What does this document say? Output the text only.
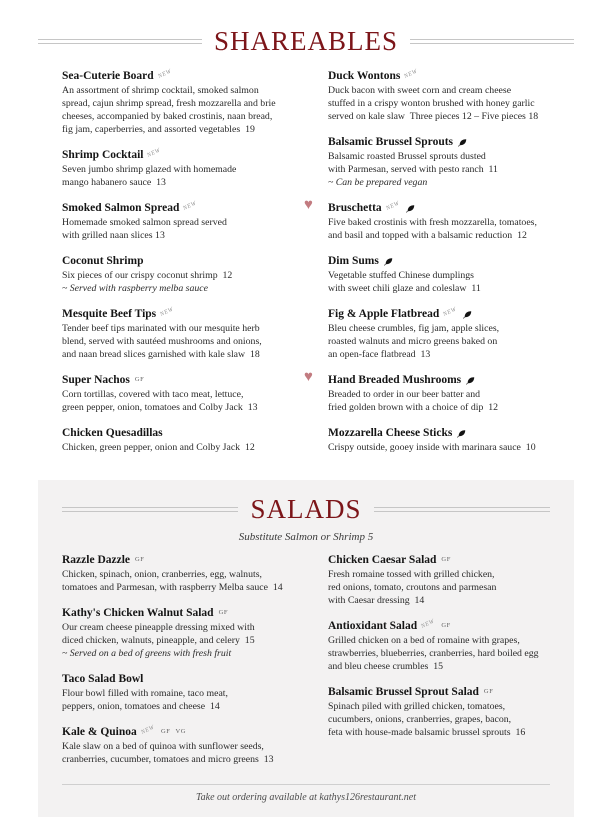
SHAREABLES
Sea-Cuterie Board NEW
An assortment of shrimp cocktail, smoked salmon
spread, cajun shrimp spread, fresh mozzarella and brie
cheeses, accompanied by baked crostinis, naan bread,
fig jam, caperberries, and assorted vegetables  19
Shrimp Cocktail NEW
Seven jumbo shrimp glazed with homemade
mango habanero sauce  13
Smoked Salmon Spread NEW
Homemade smoked salmon spread served
with grilled naan slices 13
Coconut Shrimp
Six pieces of our crispy coconut shrimp  12
~ Served with raspberry melba sauce
Mesquite Beef Tips NEW
Tender beef tips marinated with our mesquite herb
blend, served with sautéed mushrooms and onions,
and naan bread slices garnished with kale slaw  18
Super Nachos GF
Corn tortillas, covered with taco meat, lettuce,
green pepper, onion, tomatoes and Colby Jack  13
Chicken Quesadillas
Chicken, green pepper, onion and Colby Jack  12
Duck Wontons NEW
Duck bacon with sweet corn and cream cheese
stuffed in a crispy wonton brushed with honey garlic
served on kale slaw  Three pieces 12 – Five pieces 18
Balsamic Brussel Sprouts
Balsamic roasted Brussel sprouts dusted
with Parmesan, served with pesto ranch  11
~ Can be prepared vegan
♥ Bruschetta NEW
Five baked crostinis with fresh mozzarella, tomatoes,
and basil and topped with a balsamic reduction  12
Dim Sums
Vegetable stuffed Chinese dumplings
with sweet chili glaze and coleslaw  11
Fig & Apple Flatbread NEW
Bleu cheese crumbles, fig jam, apple slices,
roasted walnuts and micro greens baked on
an open-face flatbread  13
♥ Hand Breaded Mushrooms
Breaded to order in our beer batter and
fried golden brown with a choice of dip  12
Mozzarella Cheese Sticks
Crispy outside, gooey inside with marinara sauce  10
SALADS
Substitute Salmon or Shrimp 5
Razzle Dazzle GF
Chicken, spinach, onion, cranberries, egg, walnuts,
tomatoes and Parmesan, with raspberry Melba sauce  14
Kathy's Chicken Walnut Salad GF
Our cream cheese pineapple dressing mixed with
diced chicken, walnuts, pineapple, and celery  15
~ Served on a bed of greens with fresh fruit
Taco Salad Bowl
Flour bowl filled with romaine, taco meat,
peppers, onion, tomatoes and cheese  14
Kale & Quinoa NEW GF VG
Kale slaw on a bed of quinoa with sunflower seeds,
cranberries, cucumber, tomatoes and micro greens  13
Chicken Caesar Salad GF
Fresh romaine tossed with grilled chicken,
red onions, tomato, croutons and parmesan
with Caesar dressing  14
Antioxidant Salad NEW GF
Grilled chicken on a bed of romaine with grapes,
strawberries, blueberries, cranberries, hard boiled egg
and bleu cheese crumbles  15
Balsamic Brussel Sprout Salad GF
Spinach piled with grilled chicken, tomatoes,
cucumbers, onions, cranberries, grapes, bacon,
feta with house-made balsamic brussel sprouts  16
Take out ordering available at kathys126restaurant.net
